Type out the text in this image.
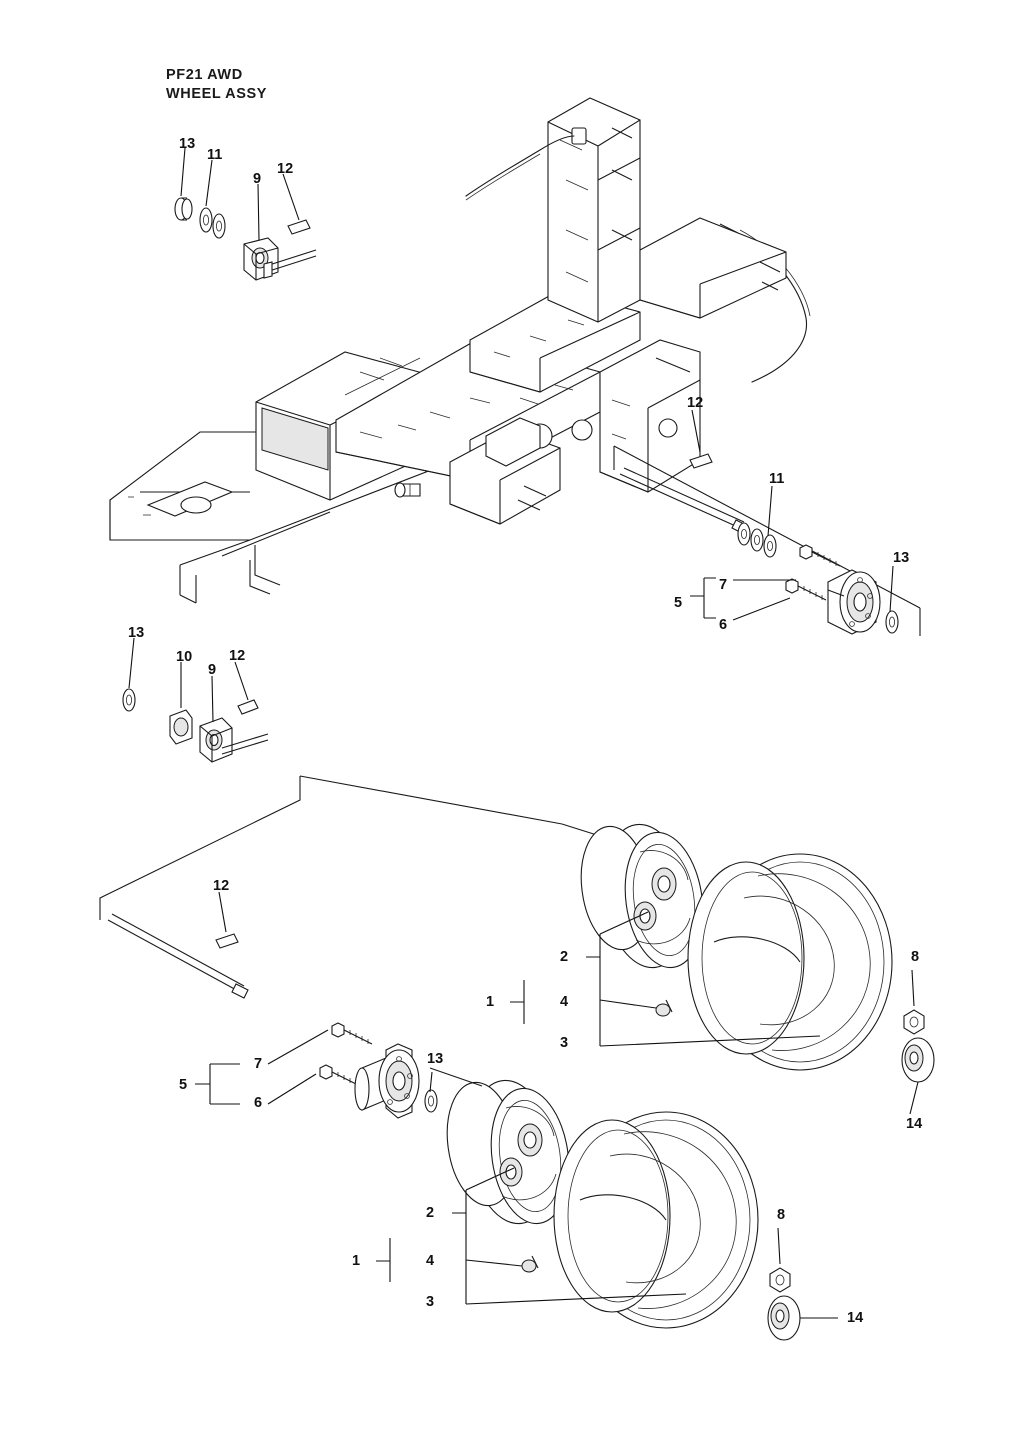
PF21 AWD
WHEEL ASSY
13
11
9
12
12
11
13
7
5
6
13
10
9
12
12
2	8
1	4
3
14
13
7
5
6
2	8
1	4
3
14
